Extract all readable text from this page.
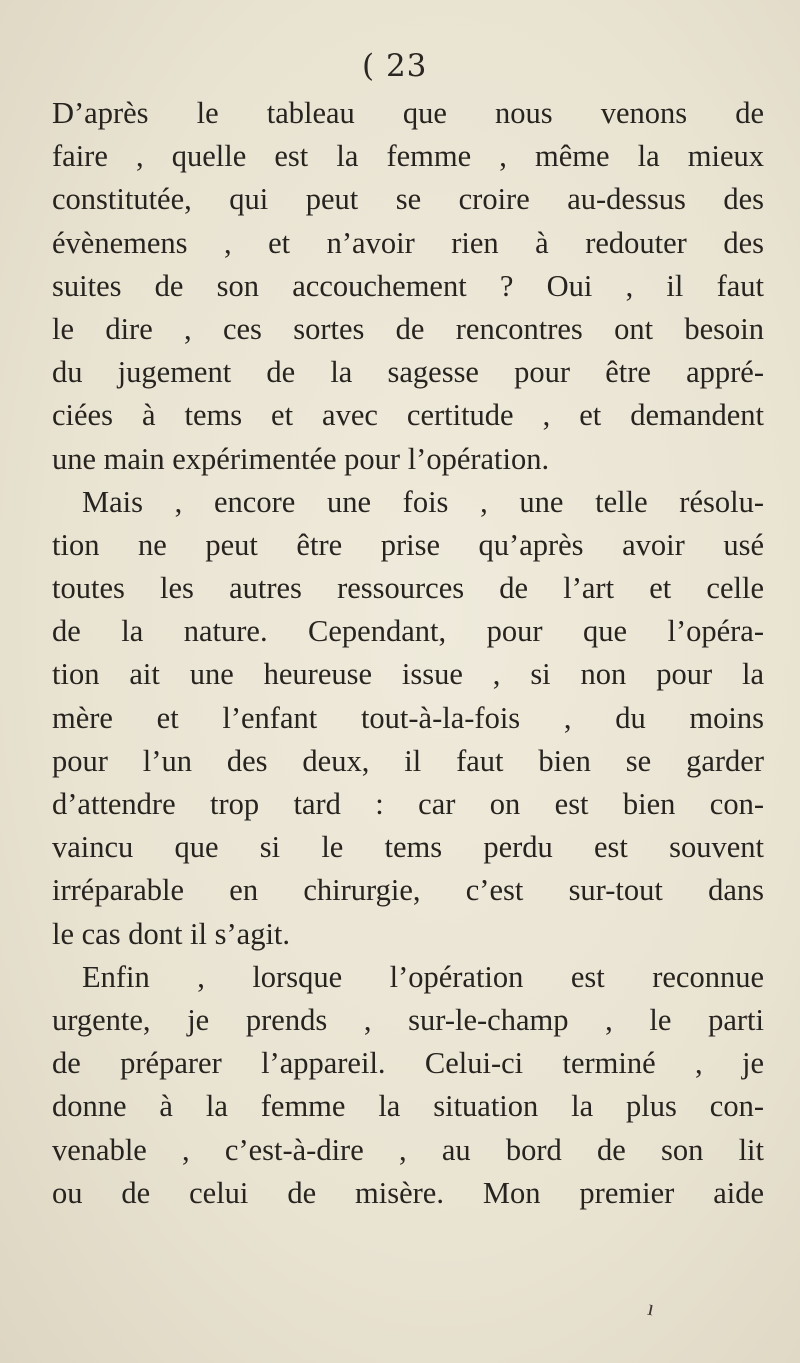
( 23
D’après le tableau que nous venons de
faire , quelle est la femme , même la mieux
constitutée, qui peut se croire au-dessus des
évènemens , et n’avoir rien à redouter des
suites de son accouchement ? Oui , il faut
le dire , ces sortes de rencontres ont besoin
du jugement de la sagesse pour être appré-
ciées à tems et avec certitude , et demandent
une main expérimentée pour l’opération.
Mais , encore une fois , une telle résolu-
tion ne peut être prise qu’après avoir usé
toutes les autres ressources de l’art et celle
de la nature. Cependant, pour que l’opéra-
tion ait une heureuse issue , si non pour la
mère et l’enfant tout-à-la-fois , du moins
pour l’un des deux, il faut bien se garder
d’attendre trop tard : car on est bien con-
vaincu que si le tems perdu est souvent
irréparable en chirurgie, c’est sur-tout dans
le cas dont il s’agit.
Enfin , lorsque l’opération est reconnue
urgente, je prends , sur-le-champ , le parti
de préparer l’appareil. Celui-ci terminé , je
donne à la femme la situation la plus con-
venable , c’est-à-dire , au bord de son lit
ou de celui de misère. Mon premier aide
ı
